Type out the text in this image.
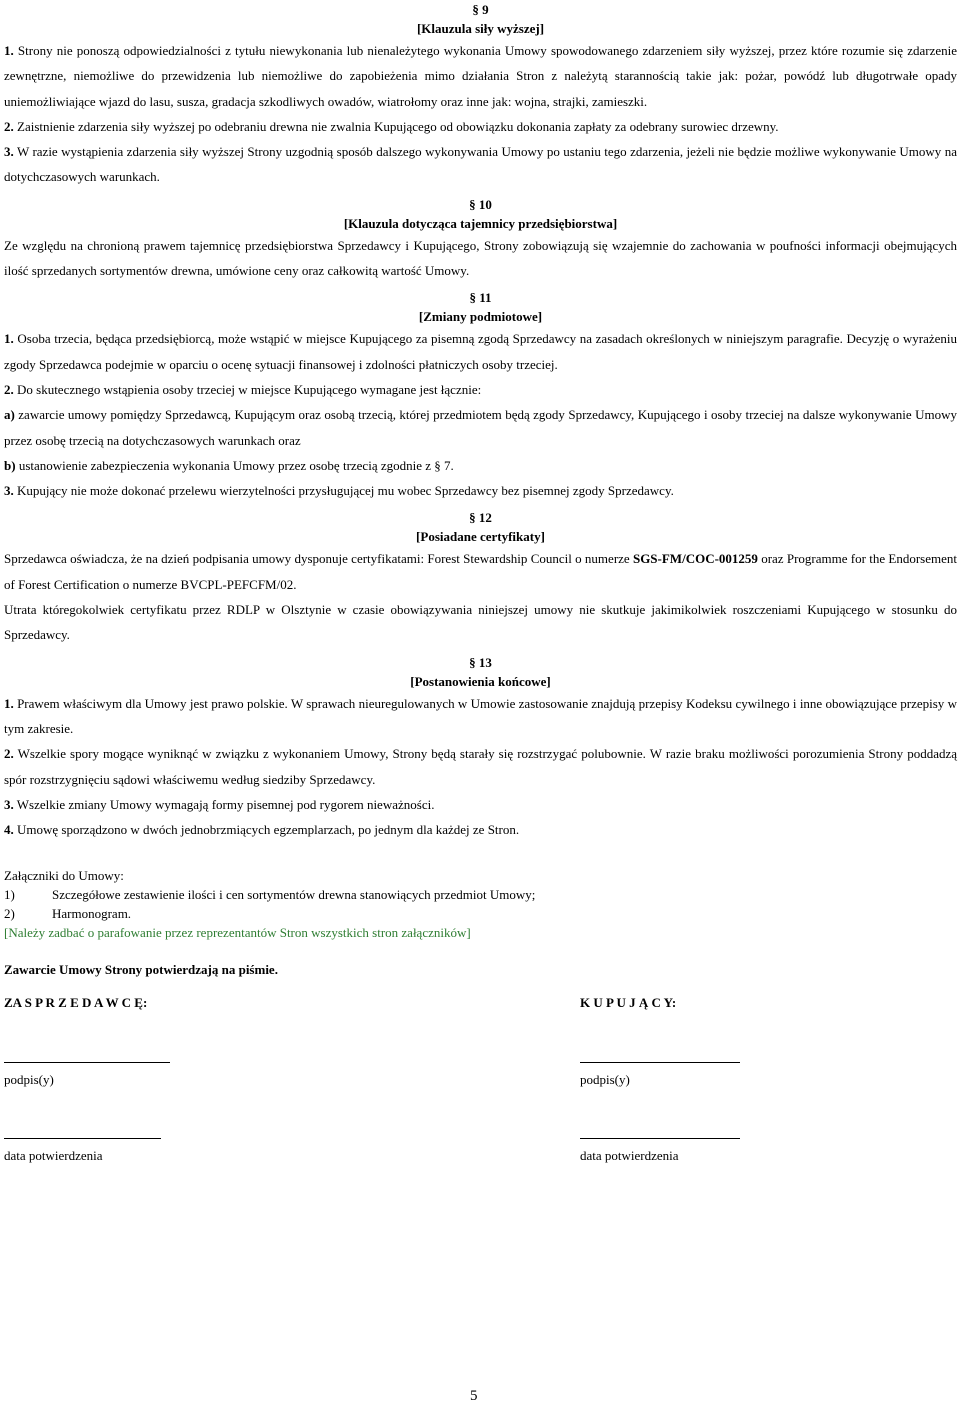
§ 9
[Klauzula siły wyższej]

1. Strony nie ponoszą odpowiedzialności z tytułu niewykonania lub nienależytego wykonania Umowy spowodowanego zdarzeniem siły wyższej, przez które rozumie się zdarzenie zewnętrzne, niemożliwe do przewidzenia lub niemożliwe do zapobieżenia mimo działania Stron z należytą starannością takie jak: pożar, powódź lub długotrwałe opady uniemożliwiające wjazd do lasu, susza, gradacja szkodliwych owadów, wiatrołomy oraz inne jak: wojna, strajki, zamieszki.

2. Zaistnienie zdarzenia siły wyższej po odebraniu drewna nie zwalnia Kupującego od obowiązku dokonania zapłaty za odebrany surowiec drzewny.

3. W razie wystąpienia zdarzenia siły wyższej Strony uzgodnią sposób dalszego wykonywania Umowy po ustaniu tego zdarzenia, jeżeli nie będzie możliwe wykonywanie Umowy na dotychczasowych warunkach.

§ 10
[Klauzula dotycząca tajemnicy przedsiębiorstwa]

Ze względu na chronioną prawem tajemnicę przedsiębiorstwa Sprzedawcy i Kupującego, Strony zobowiązują się wzajemnie do zachowania w poufności informacji obejmujących ilość sprzedanych sortymentów drewna, umówione ceny oraz całkowitą wartość Umowy.

§ 11
[Zmiany podmiotowe]

1. Osoba trzecia, będąca przedsiębiorcą, może wstąpić w miejsce Kupującego za pisemną zgodą Sprzedawcy na zasadach określonych w niniejszym paragrafie. Decyzję o wyrażeniu zgody Sprzedawca podejmie w oparciu o ocenę sytuacji finansowej i zdolności płatniczych osoby trzeciej.

2. Do skutecznego wstąpienia osoby trzeciej w miejsce Kupującego wymagane jest łącznie:

a) zawarcie umowy pomiędzy Sprzedawcą, Kupującym oraz osobą trzecią, której przedmiotem będą zgody Sprzedawcy, Kupującego i osoby trzeciej na dalsze wykonywanie Umowy przez osobę trzecią na dotychczasowych warunkach oraz

b) ustanowienie zabezpieczenia wykonania Umowy przez osobę trzecią zgodnie z § 7.

3. Kupujący nie może dokonać przelewu wierzytelności przysługującej mu wobec Sprzedawcy bez pisemnej zgody Sprzedawcy.

§ 12
[Posiadane certyfikaty]

Sprzedawca oświadcza, że na dzień podpisania umowy dysponuje certyfikatami: Forest Stewardship Council o numerze SGS-FM/COC-001259 oraz Programme for the Endorsement of Forest Certification o numerze BVCPL-PEFCFM/02.

Utrata któregokolwiek certyfikatu przez RDLP w Olsztynie w czasie obowiązywania niniejszej umowy nie skutkuje jakimikolwiek roszczeniami Kupującego w stosunku do Sprzedawcy.

§ 13
[Postanowienia końcowe]

1. Prawem właściwym dla Umowy jest prawo polskie. W sprawach nieuregulowanych w Umowie zastosowanie znajdują przepisy Kodeksu cywilnego i inne obowiązujące przepisy w tym zakresie.

2. Wszelkie spory mogące wyniknąć w związku z wykonaniem Umowy, Strony będą starały się rozstrzygać polubownie. W razie braku możliwości porozumienia Strony poddadzą spór rozstrzygnięciu sądowi właściwemu według siedziby Sprzedawcy.

3. Wszelkie zmiany Umowy wymagają formy pisemnej pod rygorem nieważności.

4. Umowę sporządzono w dwóch jednobrzmiących egzemplarzach, po jednym dla każdej ze Stron.

Załączniki do Umowy:
1)	Szczegółowe zestawienie ilości i cen sortymentów drewna stanowiących przedmiot Umowy;
2)	Harmonogram.
[Należy zadbać o parafowanie przez reprezentantów Stron wszystkich stron załączników]
Zawarcie Umowy Strony potwierdzają na piśmie.
ZA S P R Z E D A W C Ę:	K U P U J Ą C Y:
podpis(y)	podpis(y)
data potwierdzenia	data potwierdzenia
5
